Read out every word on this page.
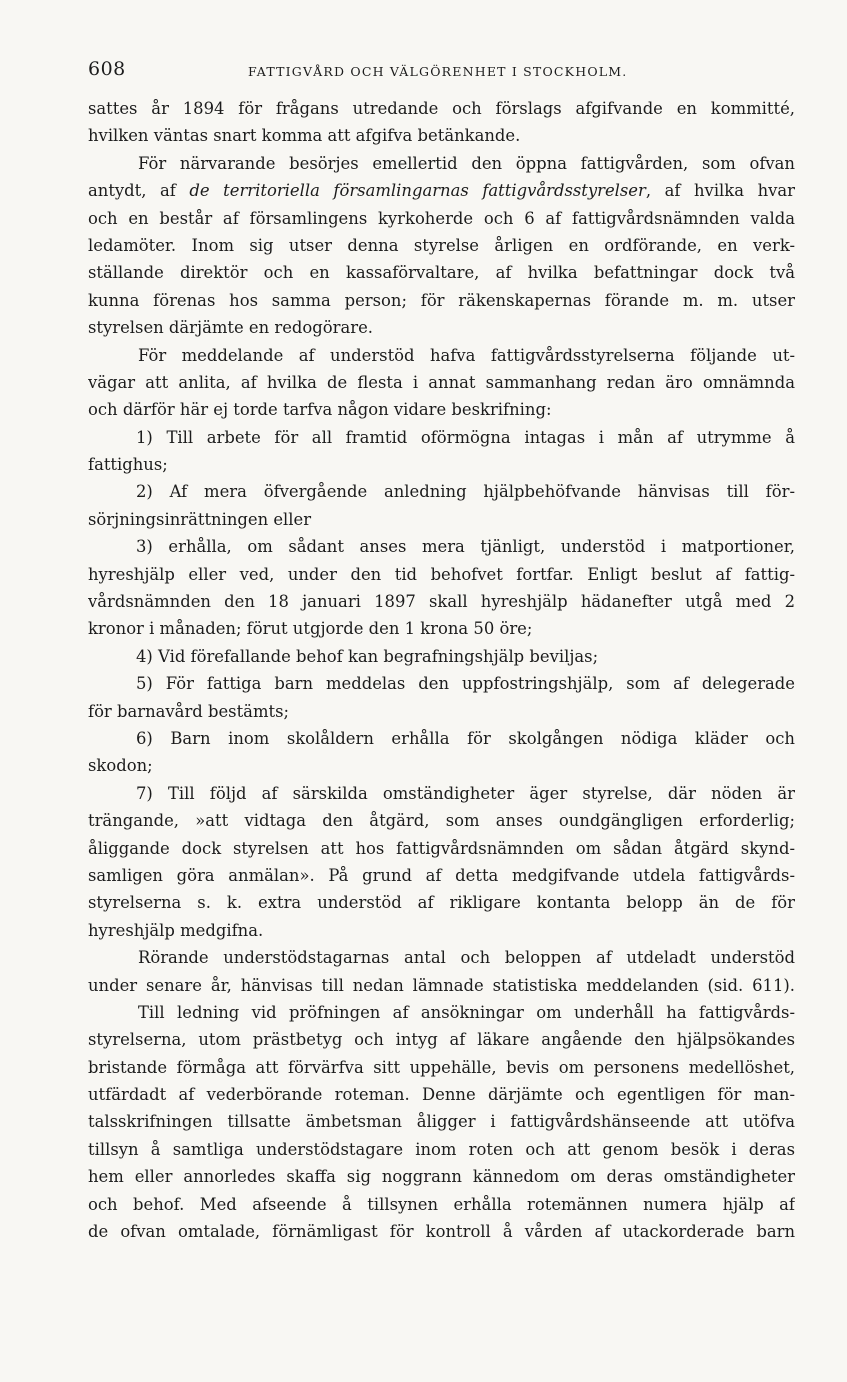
608	FATTIGVÅRD OCH VÄLGÖRENHET I STOCKHOLM.
sattes år 1894 för frågans utredande och förslags afgifvande en kommitté,
hvilken väntas snart komma att afgifva betänkande.
För närvarande besörjes emellertid den öppna fattigvården, som ofvan
antydt, af de territoriella församlingarnas fattigvårdsstyrelser, af hvilka hvar
och en består af församlingens kyrkoherde och 6 af fattigvårdsnämnden valda
ledamöter. Inom sig utser denna styrelse årligen en ordförande, en verk-
ställande direktör och en kassaförvaltare, af hvilka befattningar dock två
kunna förenas hos samma person; för räkenskapernas förande m. m. utser
styrelsen därjämte en redogörare.
För meddelande af understöd hafva fattigvårdsstyrelserna följande ut-
vägar att anlita, af hvilka de flesta i annat sammanhang redan äro omnämnda
och därför här ej torde tarfva någon vidare beskrifning:
1) Till arbete för all framtid oförmögna intagas i mån af utrymme å
fattighus;
2) Af mera öfvergående anledning hjälpbehöfvande hänvisas till för-
sörjningsinrättningen eller
3) erhålla, om sådant anses mera tjänligt, understöd i matportioner,
hyreshjälp eller ved, under den tid behofvet fortfar. Enligt beslut af fattig-
vårdsnämnden den 18 januari 1897 skall hyreshjälp hädanefter utgå med 2
kronor i månaden; förut utgjorde den 1 krona 50 öre;
4) Vid förefallande behof kan begrafningshjälp beviljas;
5) För fattiga barn meddelas den uppfostringshjälp, som af delegerade
för barnavård bestämts;
6) Barn inom skolåldern erhålla för skolgången nödiga kläder och
skodon;
7) Till följd af särskilda omständigheter äger styrelse, där nöden är
trängande, »att vidtaga den åtgärd, som anses oundgängligen erforderlig;
åliggande dock styrelsen att hos fattigvårdsnämnden om sådan åtgärd skynd-
samligen göra anmälan». På grund af detta medgifvande utdela fattigvårds-
styrelserna s. k. extra understöd af rikligare kontanta belopp än de för
hyreshjälp medgifna.
Rörande understödstagarnas antal och beloppen af utdeladt understöd
under senare år, hänvisas till nedan lämnade statistiska meddelanden (sid. 611).
Till ledning vid pröfningen af ansökningar om underhåll ha fattigvårds-
styrelserna, utom prästbetyg och intyg af läkare angående den hjälpsökandes
bristande förmåga att förvärfva sitt uppehälle, bevis om personens medellöshet,
utfärdadt af vederbörande roteman. Denne därjämte och egentligen för man-
talsskrifningen tillsatte ämbetsman åligger i fattigvårdshänseende att utöfva
tillsyn å samtliga understödstagare inom roten och att genom besök i deras
hem eller annorledes skaffa sig noggrann kännedom om deras omständigheter
och behof. Med afseende å tillsynen erhålla rotemännen numera hjälp af
de ofvan omtalade, förnämligast för kontroll å vården af utackorderade barn
